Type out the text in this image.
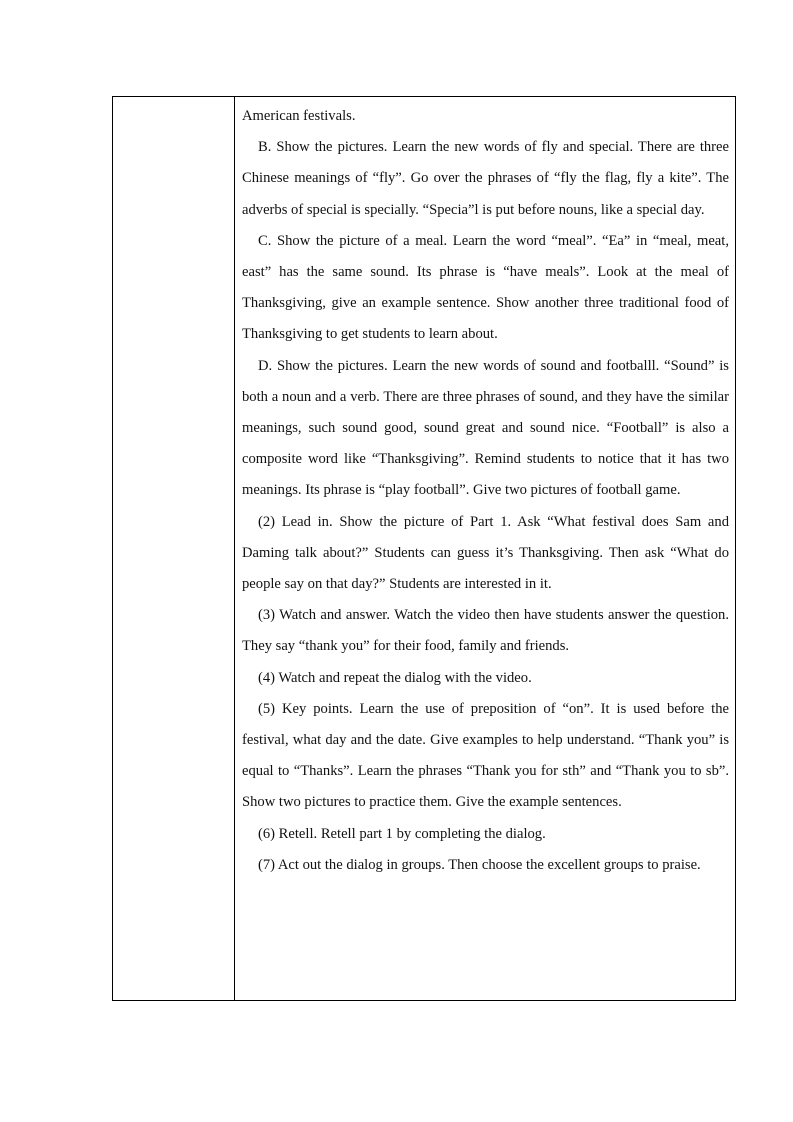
American festivals.

B. Show the pictures. Learn the new words of fly and special. There are three Chinese meanings of “fly”. Go over the phrases of “fly the flag, fly a kite”. The adverbs of special is specially. “Specia”l is put before nouns, like a special day.

C. Show the picture of a meal. Learn the word “meal”. “Ea” in “meal, meat, east” has the same sound. Its phrase is “have meals”. Look at the meal of Thanksgiving, give an example sentence. Show another three traditional food of Thanksgiving to get students to learn about.

D. Show the pictures. Learn the new words of sound and footballl. “Sound” is both a noun and a verb. There are three phrases of sound, and they have the similar meanings, such sound good, sound great and sound nice. “Football” is also a composite word like “Thanksgiving”. Remind students to notice that it has two meanings. Its phrase is “play football”. Give two pictures of football game.

(2) Lead in. Show the picture of Part 1. Ask “What festival does Sam and Daming talk about?” Students can guess it’s Thanksgiving. Then ask “What do people say on that day?” Students are interested in it.

(3) Watch and answer. Watch the video then have students answer the question. They say “thank you” for their food, family and friends.

(4) Watch and repeat the dialog with the video.

(5) Key points. Learn the use of preposition of “on”. It is used before the festival, what day and the date. Give examples to help understand. “Thank you” is equal to “Thanks”. Learn the phrases “Thank you for sth” and “Thank you to sb”. Show two pictures to practice them. Give the example sentences.

(6) Retell. Retell part 1 by completing the dialog.

(7) Act out the dialog in groups. Then choose the excellent groups to praise.
